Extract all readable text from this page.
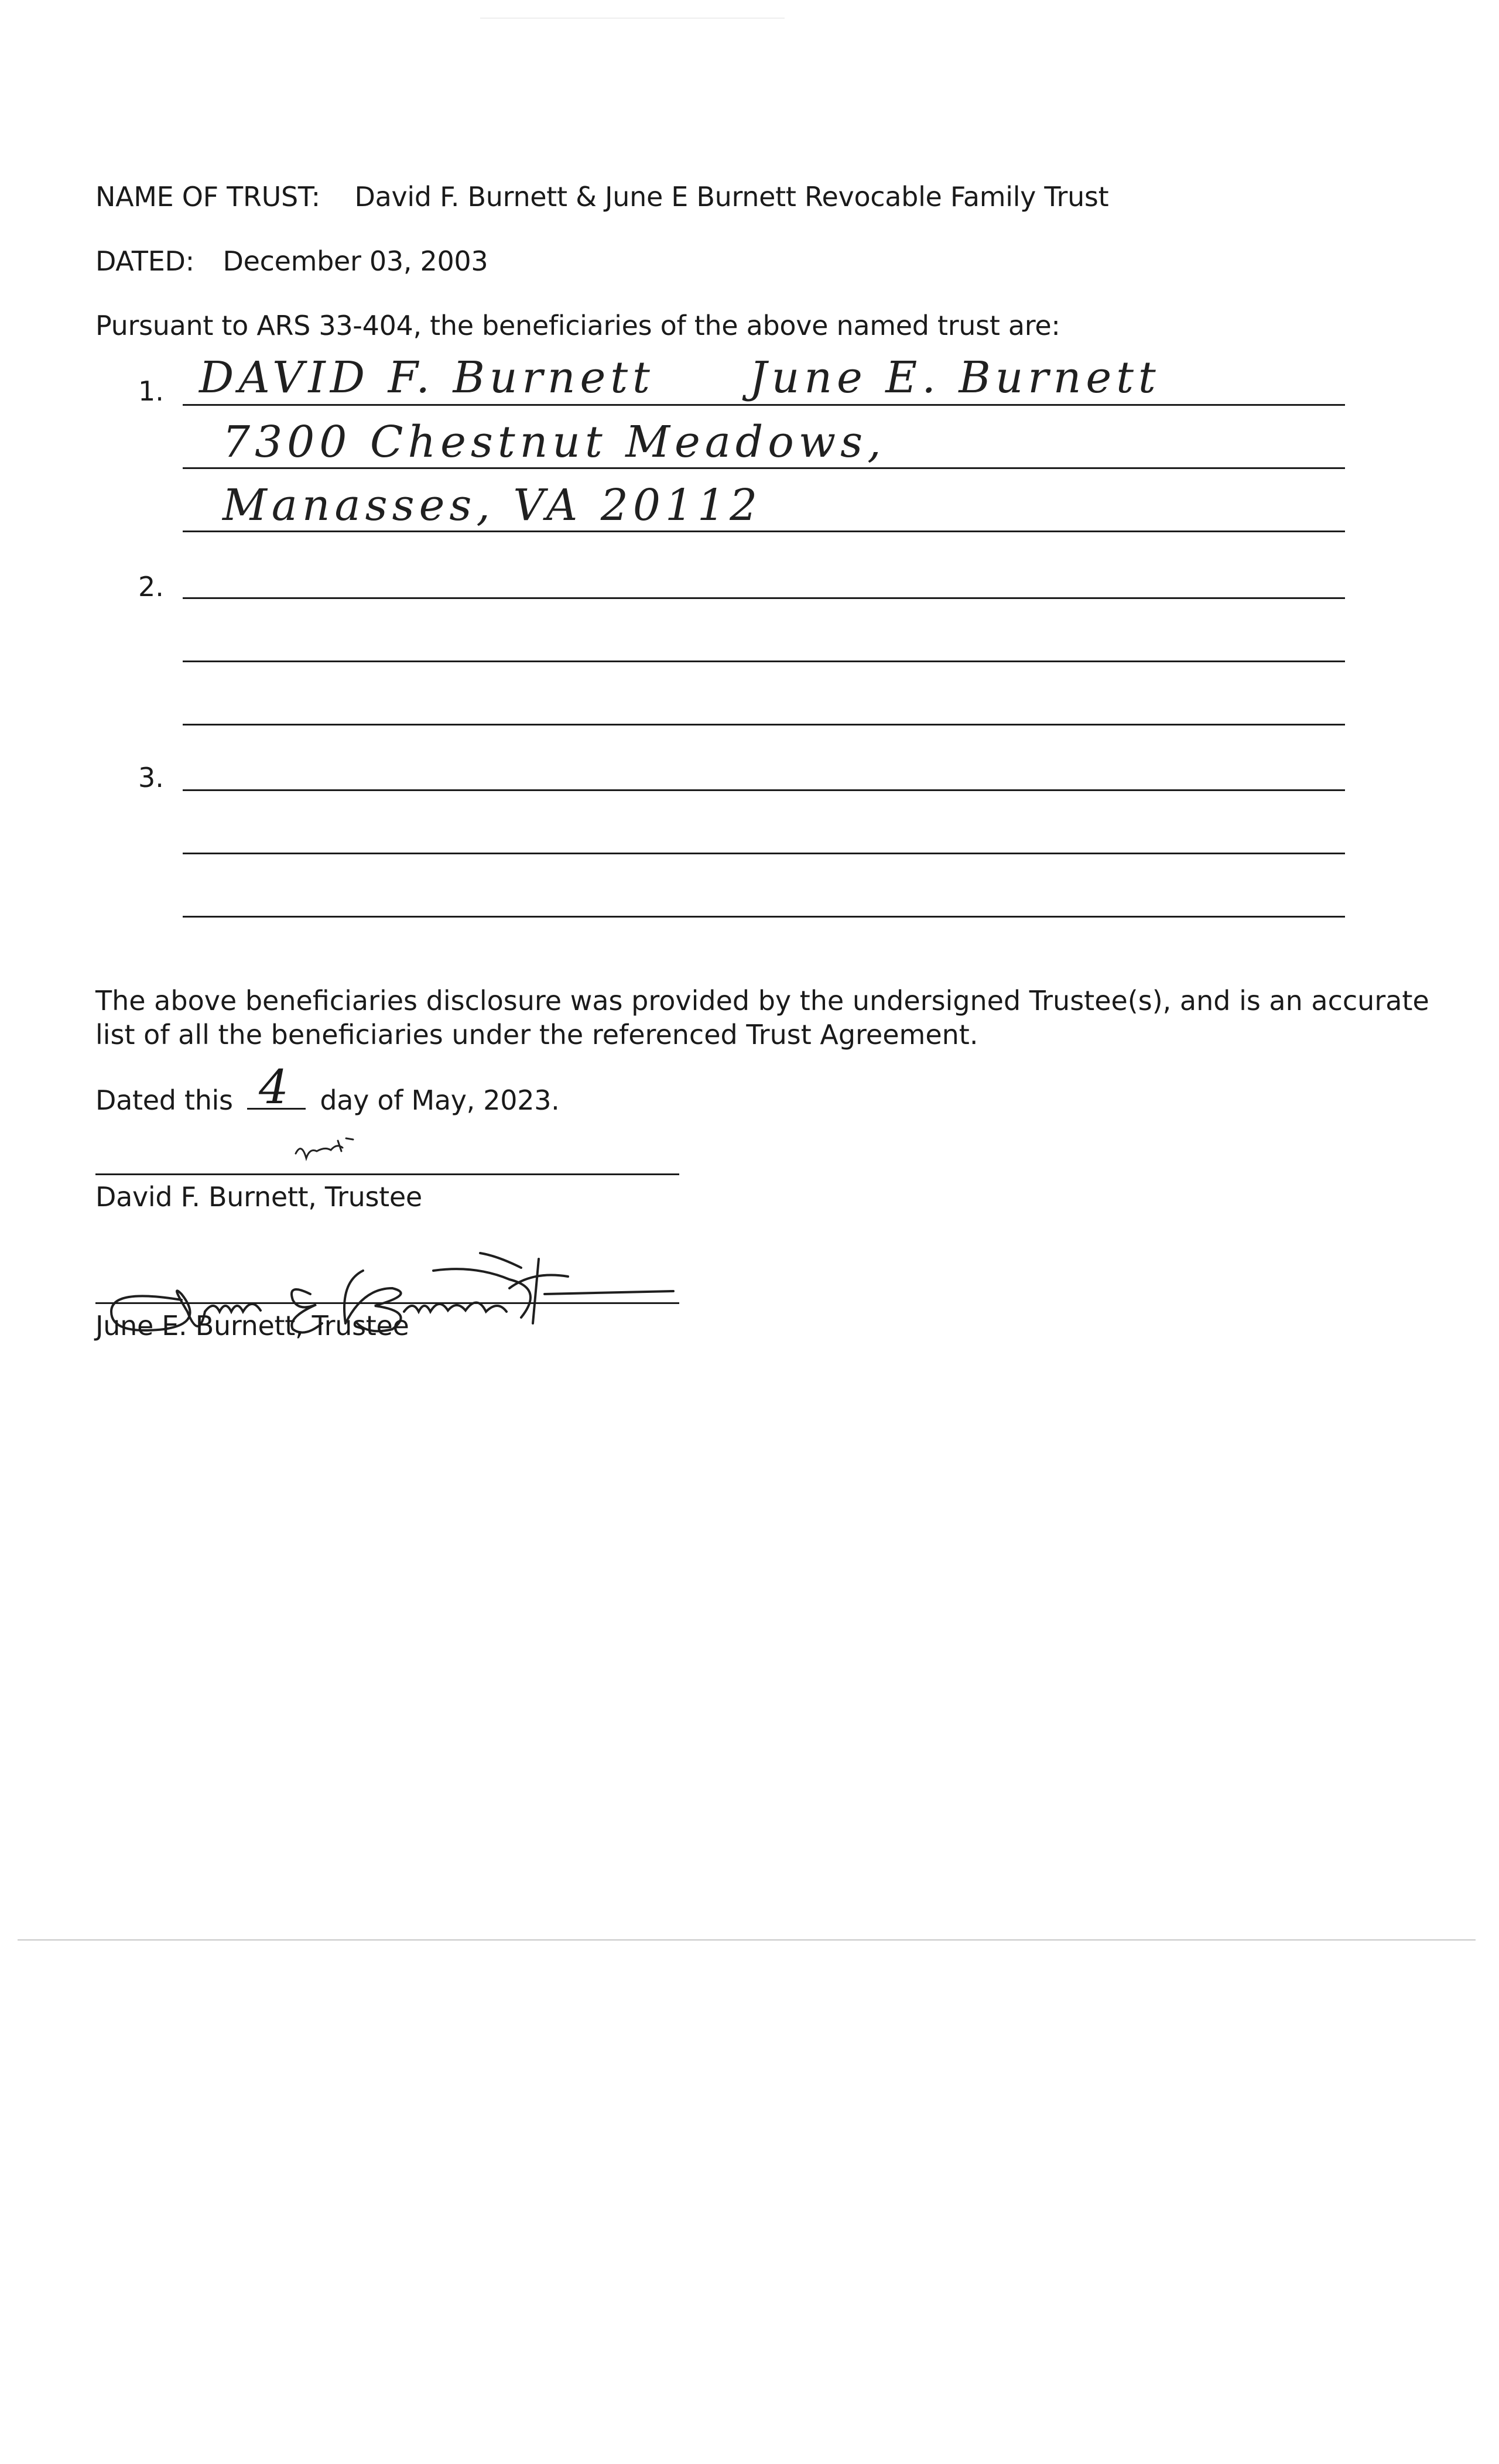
NAME OF TRUST: David F. Burnett & June E Burnett Revocable Family Trust
DATED: December 03, 2003
Pursuant to ARS 33-404, the beneficiaries of the above named trust are:
1. DAVID F. Burnett June E. Burnett
7300 Chestnut Meadows,
Manasses, VA 20112
2.
3.
The above beneficiaries disclosure was provided by the undersigned Trustee(s), and is an accurate list of all the beneficiaries under the referenced Trust Agreement.
Dated this 4 day of May, 2023.
David F. Burnett, Trustee
June E. Burnett, Trustee
